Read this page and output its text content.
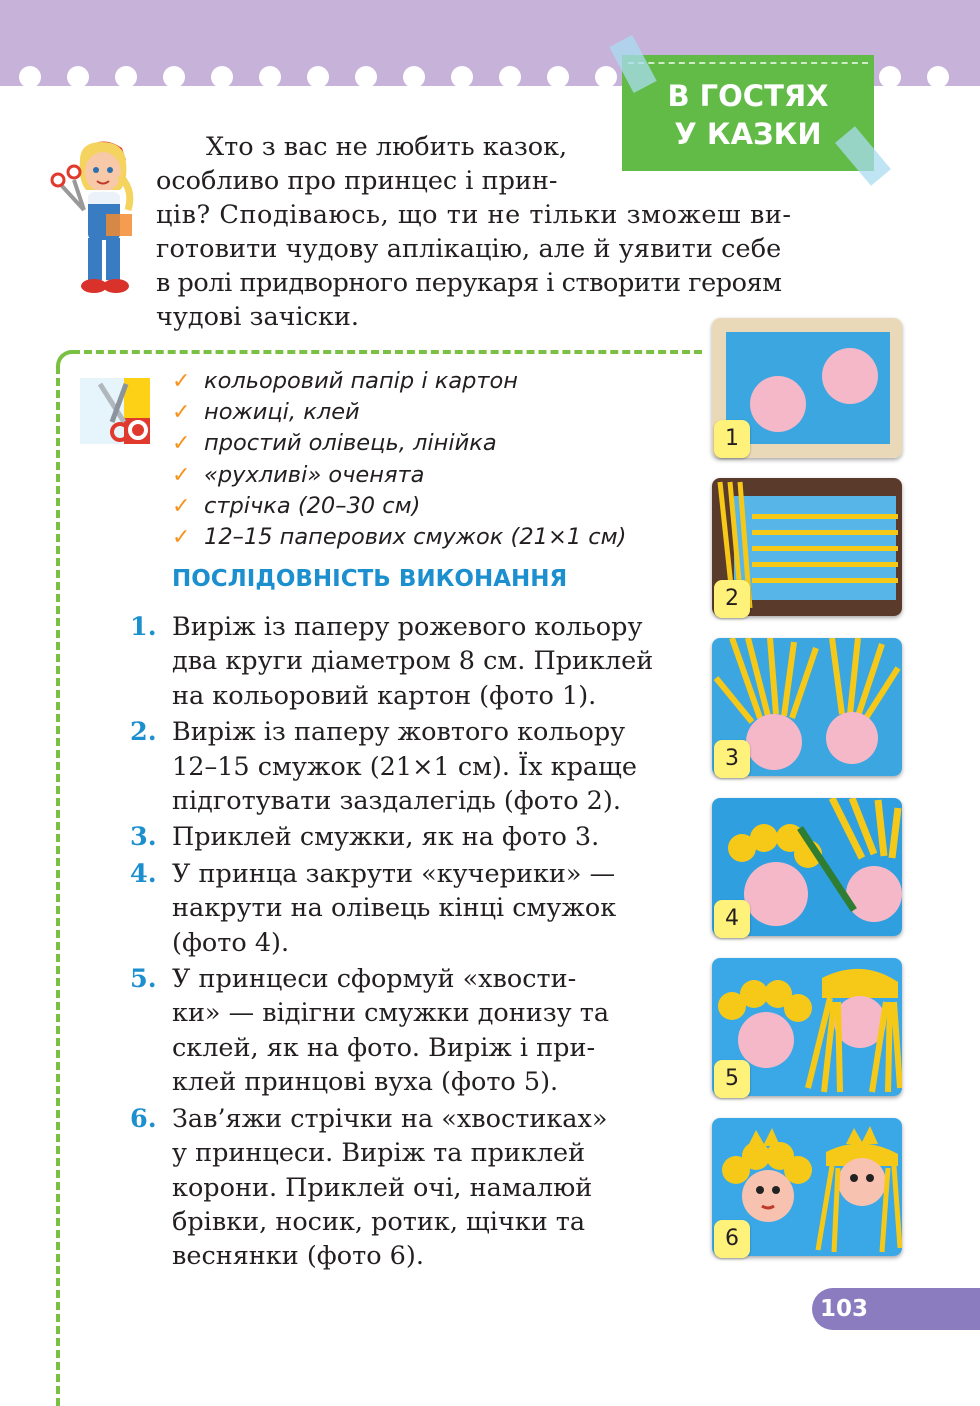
В ГОСТЯХ
У КАЗКИ
Хто з вас не любить казок,
особливо про принцес і прин-
ців? Сподіваюсь, що ти не тільки зможеш ви-
готовити чудову аплікацію, але й уявити себе
в ролі придворного перукаря і створити героям
чудові зачіски.
✓ кольоровий папір і картон
✓ ножиці, клей
✓ простий олівець, лінійка
✓ «рухливі» оченята
✓ стрічка (20–30 см)
✓ 12–15 паперових смужок (21×1 см)
ПОСЛІДОВНІСТЬ ВИКОНАННЯ
1. Виріж із паперу рожевого кольору
два круги діаметром 8 см. Приклей
на кольоровий картон (фото 1).
2. Виріж із паперу жовтого кольору
12–15 смужок (21×1 см). Їх краще
підготувати заздалегідь (фото 2).
3. Приклей смужки, як на фото 3.
4. У принца закрути «кучерики» —
накрути на олівець кінці смужок
(фото 4).
5. У принцеси сформуй «хвости-
ки» — відігни смужки донизу та
склей, як на фото. Виріж і при-
клей принцові вуха (фото 5).
6. Зав’яжи стрічки на «хвостиках»
у принцеси. Виріж та приклей
корони. Приклей очі, намалюй
брівки, носик, ротик, щічки та
веснянки (фото 6).
1
2
3
4
5
6
103
